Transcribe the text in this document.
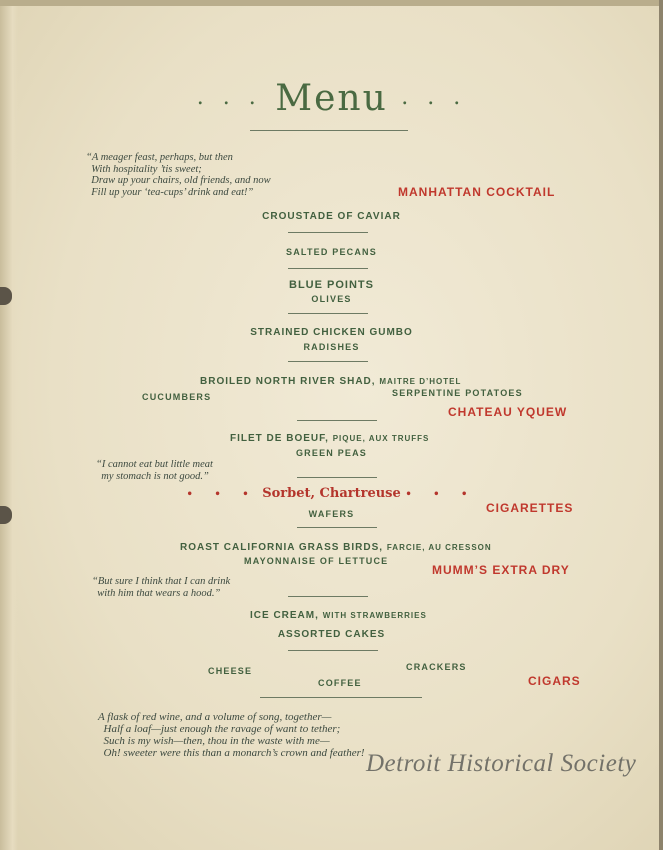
. . . Menu . . .
“A meager feast, perhaps, but then
With hospitality ’tis sweet;
Draw up your chairs, old friends, and now
Fill up your ‘tea-cups’ drink and eat!”	MANHATTAN COCKTAIL
CROUSTADE OF CAVIAR
SALTED PECANS
BLUE POINTS
OLIVES
STRAINED CHICKEN GUMBO
RADISHES
BROILED NORTH RIVER SHAD, MAITRE D’HOTEL
CUCUMBERS	SERPENTINE POTATOES
CHATEAU YQUEW
FILET DE BOEUF, PIQUE, AUX TRUFFS
GREEN PEAS
“I cannot eat but little meat
my stomach is not good.”
• • • Sorbet, Chartreuse • • •
WAFERS	CIGARETTES
ROAST CALIFORNIA GRASS BIRDS, FARCIE, AU CRESSON
MAYONNAISE OF LETTUCE
MUMM’S EXTRA DRY
“But sure I think that I can drink
with him that wears a hood.”
ICE CREAM, WITH STRAWBERRIES
ASSORTED CAKES
CHEESE	CRACKERS
COFFEE	CIGARS
A flask of red wine, and a volume of song, together—
Half a loaf—just enough the ravage of want to tether;
Such is my wish—then, thou in the waste with me—
Oh! sweeter were this than a monarch’s crown and feather! Detroit Historical Society
